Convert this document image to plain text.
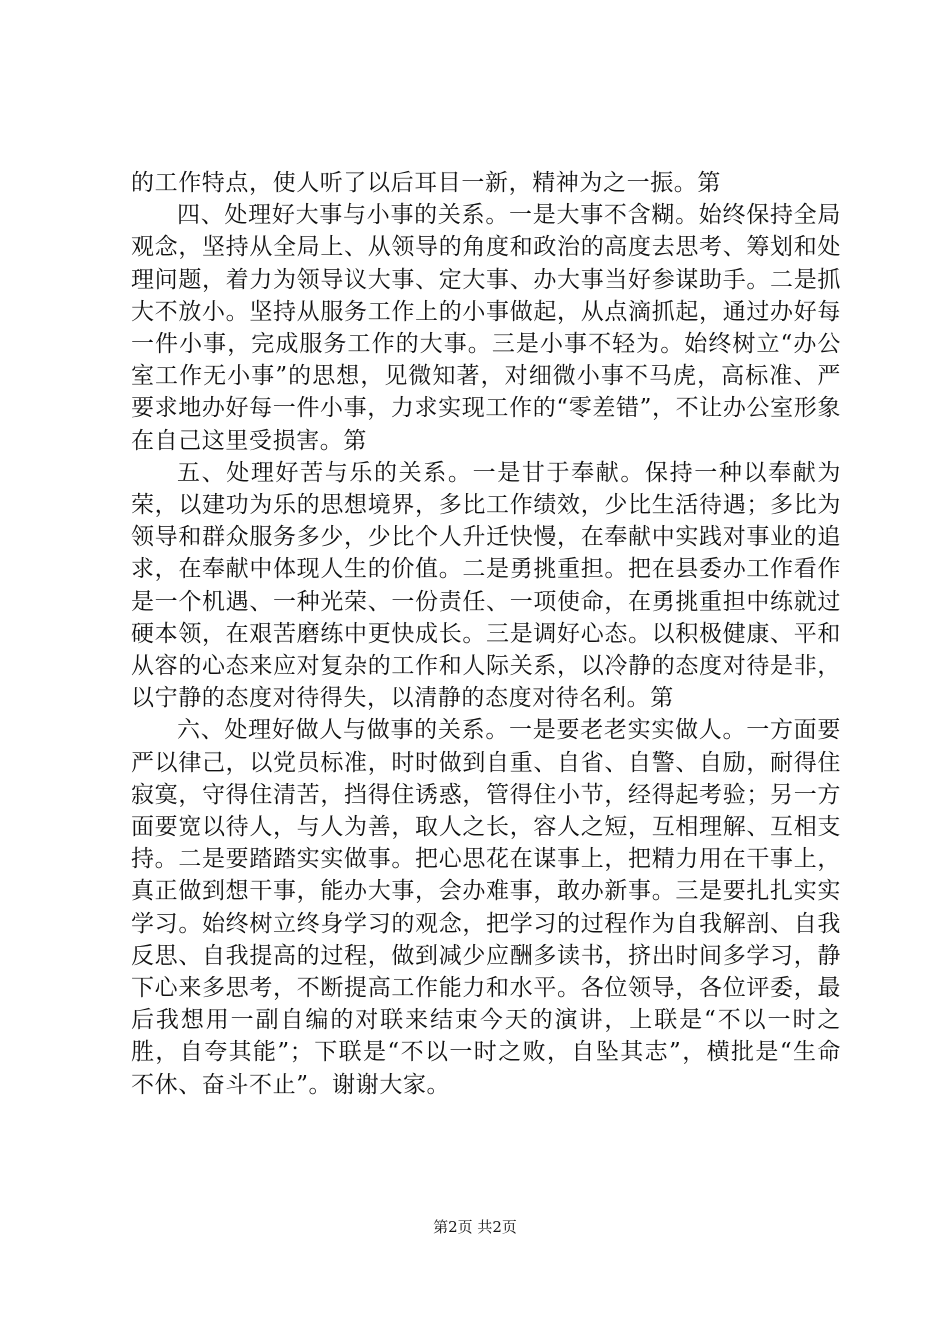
的工作特点，使人听了以后耳目一新，精神为之一振。第

四、处理好大事与小事的关系。一是大事不含糊。始终保持全局观念，坚持从全局上、从领导的角度和政治的高度去思考、筹划和处理问题，着力为领导议大事、定大事、办大事当好参谋助手。二是抓大不放小。坚持从服务工作上的小事做起，从点滴抓起，通过办好每一件小事，完成服务工作的大事。三是小事不轻为。始终树立“办公室工作无小事”的思想，见微知著，对细微小事不马虎，高标准、严要求地办好每一件小事，力求实现工作的“零差错”，不让办公室形象在自己这里受损害。第

五、处理好苦与乐的关系。一是甘于奉献。保持一种以奉献为荣，以建功为乐的思想境界，多比工作绩效，少比生活待遇；多比为领导和群众服务多少，少比个人升迁快慢，在奉献中实践对事业的追求，在奉献中体现人生的价值。二是勇挑重担。把在县委办工作看作是一个机遇、一种光荣、一份责任、一项使命，在勇挑重担中练就过硬本领，在艰苦磨练中更快成长。三是调好心态。以积极健康、平和从容的心态来应对复杂的工作和人际关系，以冷静的态度对待是非，以宁静的态度对待得失，以清静的态度对待名利。第

六、处理好做人与做事的关系。一是要老老实实做人。一方面要严以律己，以党员标准，时时做到自重、自省、自警、自励，耐得住寂寞，守得住清苦，挡得住诱惑，管得住小节，经得起考验；另一方面要宽以待人，与人为善，取人之长，容人之短，互相理解、互相支持。二是要踏踏实实做事。把心思花在谋事上，把精力用在干事上，真正做到想干事，能办大事，会办难事，敢办新事。三是要扎扎实实学习。始终树立终身学习的观念，把学习的过程作为自我解剖、自我反思、自我提高的过程，做到减少应酬多读书，挤出时间多学习，静下心来多思考，不断提高工作能力和水平。各位领导，各位评委，最后我想用一副自编的对联来结束今天的演讲，上联是“不以一时之胜，自夸其能”；下联是“不以一时之败，自坠其志”，横批是“生命不休、奋斗不止”。谢谢大家。

第2页 共2页
